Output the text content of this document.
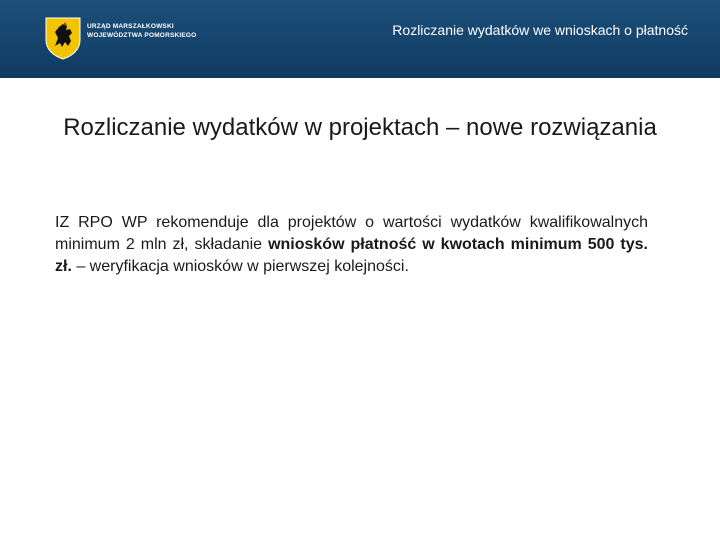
URZĄD MARSZAŁKOWSKI
WOJEWÓDZTWA POMORSKIEGO	Rozliczanie wydatków we wnioskach o płatność
Rozliczanie wydatków w projektach – nowe rozwiązania

IZ RPO WP rekomenduje dla projektów o wartości wydatków kwalifikowalnych minimum 2 mln zł, składanie wniosków płatność w kwotach minimum 500 tys. zł. – weryfikacja wniosków w pierwszej kolejności.
